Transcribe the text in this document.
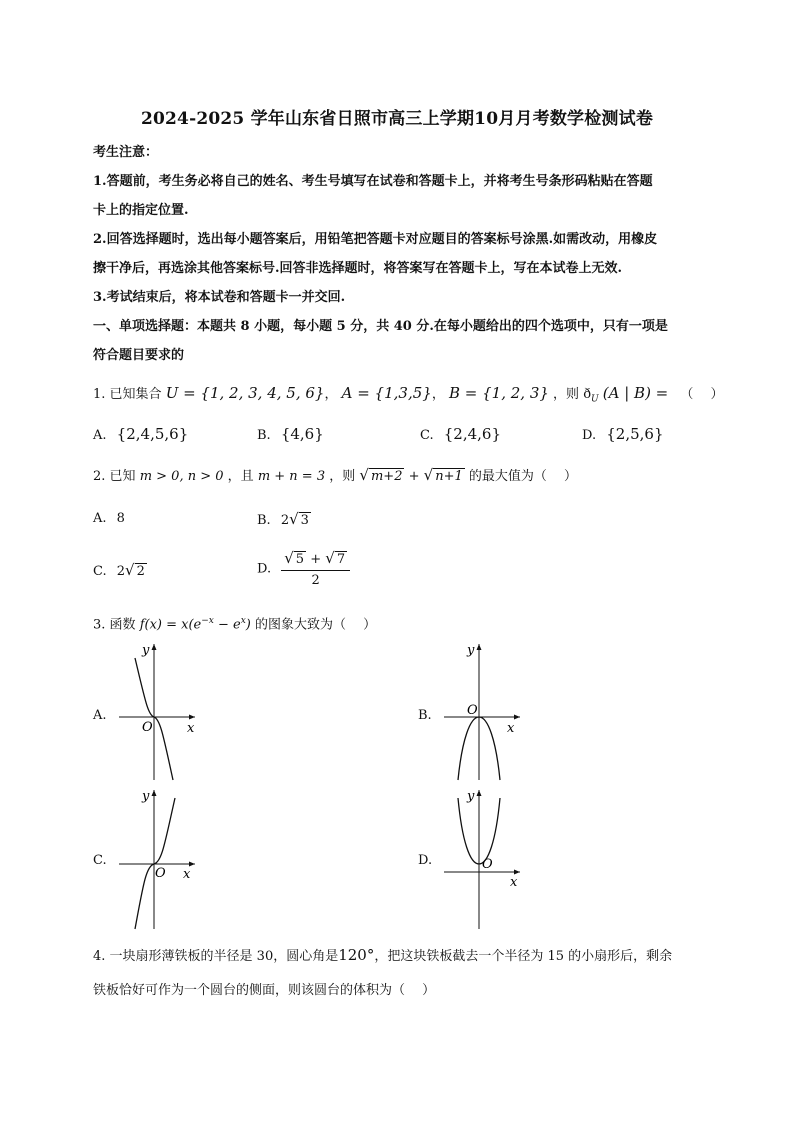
2024-2025 学年山东省日照市高三上学期10月月考数学检测试卷
考生注意：
1.答题前，考生务必将自己的姓名、考生号填写在试卷和答题卡上，并将考生号条形码粘贴在答题
卡上的指定位置.
2.回答选择题时，选出每小题答案后，用铅笔把答题卡对应题目的答案标号涂黑.如需改动，用橡皮
擦干净后，再选涂其他答案标号.回答非选择题时，将答案写在答题卡上，写在本试卷上无效.
3.考试结束后，将本试卷和答题卡一并交回.
一、单项选择题：本题共 8 小题，每小题 5 分，共 40 分.在每小题给出的四个选项中，只有一项是
符合题目要求的
1. 已知集合 U = {1, 2, 3, 4, 5, 6}， A = {1,3,5}， B = {1, 2, 3} ，则 $ð_U$ (A | B) = （　 ）
A. {2,4,5,6}	B. {4,6}	C. {2,4,6}	D. {2,5,6}
2. 已知 m > 0, n > 0 ，且 m + n = 3 ，则 √ m+2 + √ n+1 的最大值为（　 ）
A. 8	B. 2√ 3
C. 2√ 2	D. $\frac{√ 5 + √ 7}{2}$
3. 函数 $f(x) = x(e^{-x} - e^x)$ 的图象大致为（　 ）
A.	B.
C.	D.
x
y
O	x
y
O
x
y
O
x
y
O
4. 一块扇形薄铁板的半径是 30，圆心角是120°，把这块铁板截去一个半径为 15 的小扇形后，剩余
铁板恰好可作为一个圆台的侧面，则该圆台的体积为（　 ）
